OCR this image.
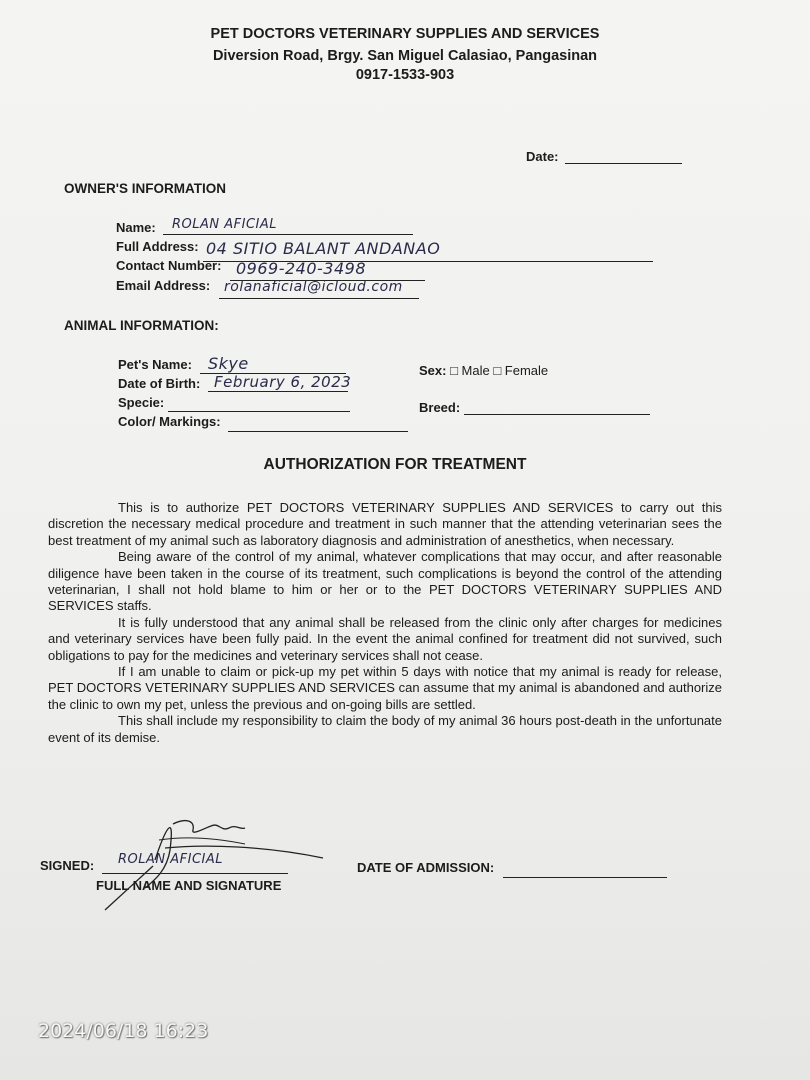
PET DOCTORS VETERINARY SUPPLIES AND SERVICES
Diversion Road, Brgy. San Miguel Calasiao, Pangasinan
0917-1533-903
Date:
OWNER'S INFORMATION
Name: ROLAN AFICIAL
Full Address: 04 SITIO BALANT ANDANAO
Contact Number: 0969-240-3498
Email Address: rolanaficial@icloud.com
ANIMAL INFORMATION:
Pet's Name: Skye
Date of Birth: February 6, 2023
Specie:
Color/ Markings:
Sex: □ Male □ Female
Breed:
AUTHORIZATION FOR TREATMENT

This is to authorize PET DOCTORS VETERINARY SUPPLIES AND SERVICES to carry out this discretion the necessary medical procedure and treatment in such manner that the attending veterinarian sees the best treatment of my animal such as laboratory diagnosis and administration of anesthetics, when necessary.

Being aware of the control of my animal, whatever complications that may occur, and after reasonable diligence have been taken in the course of its treatment, such complications is beyond the control of the attending veterinarian, I shall not hold blame to him or her or to the PET DOCTORS VETERINARY SUPPLIES AND SERVICES staffs.

It is fully understood that any animal shall be released from the clinic only after charges for medicines and veterinary services have been fully paid. In the event the animal confined for treatment did not survived, such obligations to pay for the medicines and veterinary services shall not cease.

If I am unable to claim or pick-up my pet within 5 days with notice that my animal is ready for release, PET DOCTORS VETERINARY SUPPLIES AND SERVICES can assume that my animal is abandoned and authorize the clinic to own my pet, unless the previous and on-going bills are settled.

This shall include my responsibility to claim the body of my animal 36 hours post-death in the unfortunate event of its demise.

SIGNED: ROLAN AFICIAL
FULL NAME AND SIGNATURE
DATE OF ADMISSION:
2024/06/18 16:23
